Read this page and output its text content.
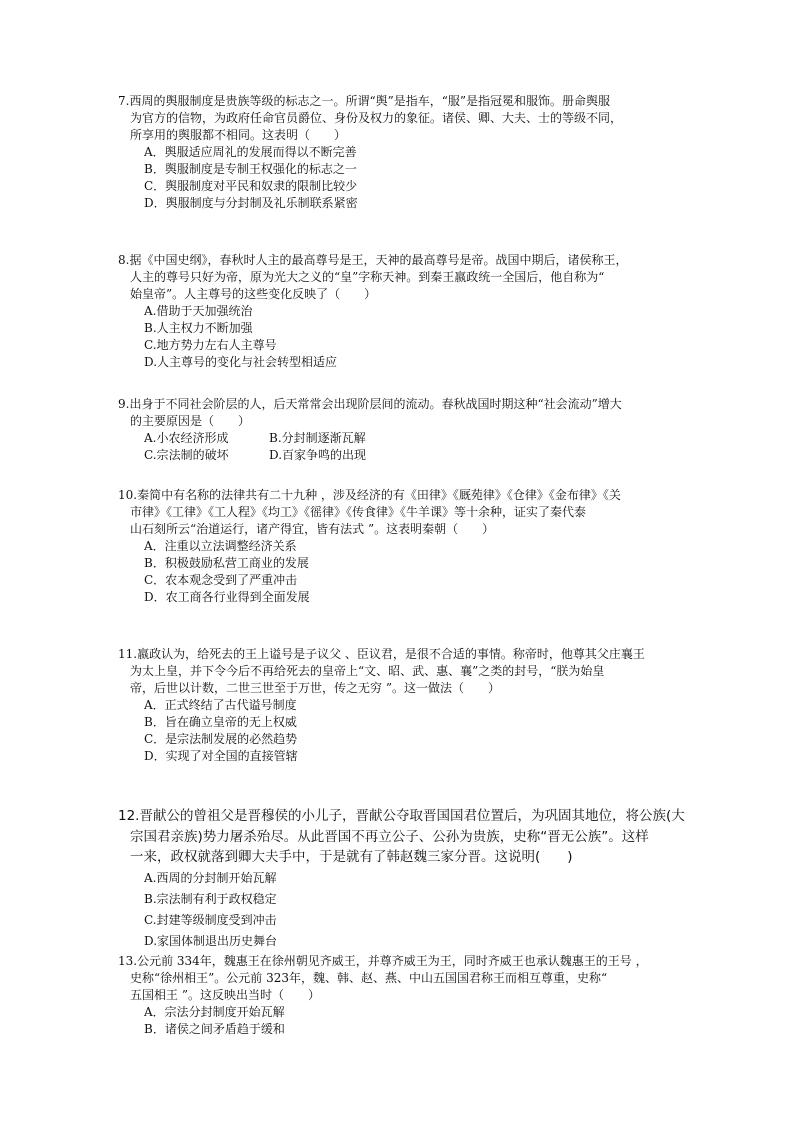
7.西周的舆服制度是贵族等级的标志之一。所谓“舆”是指车，“服”是指冠冕和服饰。册命舆服
为官方的信物，为政府任命官员爵位、身份及权力的象征。诸侯、卿、大夫、士的等级不同，
所享用的舆服都不相同。这表明（　　）
A．舆服适应周礼的发展而得以不断完善
B．舆服制度是专制王权强化的标志之一
C．舆服制度对平民和奴隶的限制比较少
D．舆服制度与分封制及礼乐制联系紧密
8.据《中国史纲》，春秋时人主的最高尊号是王，天神的最高尊号是帝。战国中期后，诸侯称王，
人主的尊号只好为帝，原为光大之义的“皇”字称天神。到秦王嬴政统一全国后，他自称为“
始皇帝”。人主尊号的这些变化反映了（　　）
A.借助于天加强统治
B.人主权力不断加强
C.地方势力左右人主尊号
D.人主尊号的变化与社会转型相适应
9.出身于不同社会阶层的人，后天常常会出现阶层间的流动。春秋战国时期这种“社会流动”增大
的主要原因是（　　）
A.小农经济形成	B.分封制逐渐瓦解
C.宗法制的破坏	D.百家争鸣的出现
10.秦简中有名称的法律共有二十九种 ，涉及经济的有《田律》《厩苑律》《仓律》《金布律》《关
市律》《工律》《工人程》《均工》《徭律》《传食律》《牛羊课》等十余种，证实了秦代泰
山石刻所云“治道运行，诸产得宜，皆有法式 ”。这表明秦朝（　　）
A．注重以立法调整经济关系
B．积极鼓励私营工商业的发展
C．农本观念受到了严重冲击
D．农工商各行业得到全面发展
11.嬴政认为，给死去的王上谥号是子议父 、臣议君，是很不合适的事情。称帝时，他尊其父庄襄王
为太上皇，并下令今后不再给死去的皇帝上“文、昭、武、惠、襄”之类的封号，“朕为始皇
帝，后世以计数，二世三世至于万世，传之无穷 ”。这一做法（　　）
A．正式终结了古代谥号制度
B．旨在确立皇帝的无上权威
C．是宗法制发展的必然趋势
D．实现了对全国的直接管辖
12.晋献公的曾祖父是晋穆侯的小儿子，晋献公夺取晋国国君位置后，为巩固其地位，将公族(大
宗国君亲族)势力屠杀殆尽。从此晋国不再立公子、公孙为贵族，史称“晋无公族”。这样
一来，政权就落到卿大夫手中，于是就有了韩赵魏三家分晋。这说明(　　)
A.西周的分封制开始瓦解
B.宗法制有利于政权稳定
C.封建等级制度受到冲击
D.家国体制退出历史舞台
13.公元前 334年，魏惠王在徐州朝见齐威王，并尊齐威王为王，同时齐威王也承认魏惠王的王号 ，
史称“徐州相王”。公元前 323年，魏、韩、赵、燕、中山五国国君称王而相互尊重，史称“
五国相王 ”。这反映出当时（　　）
A．宗法分封制度开始瓦解
B．诸侯之间矛盾趋于缓和
